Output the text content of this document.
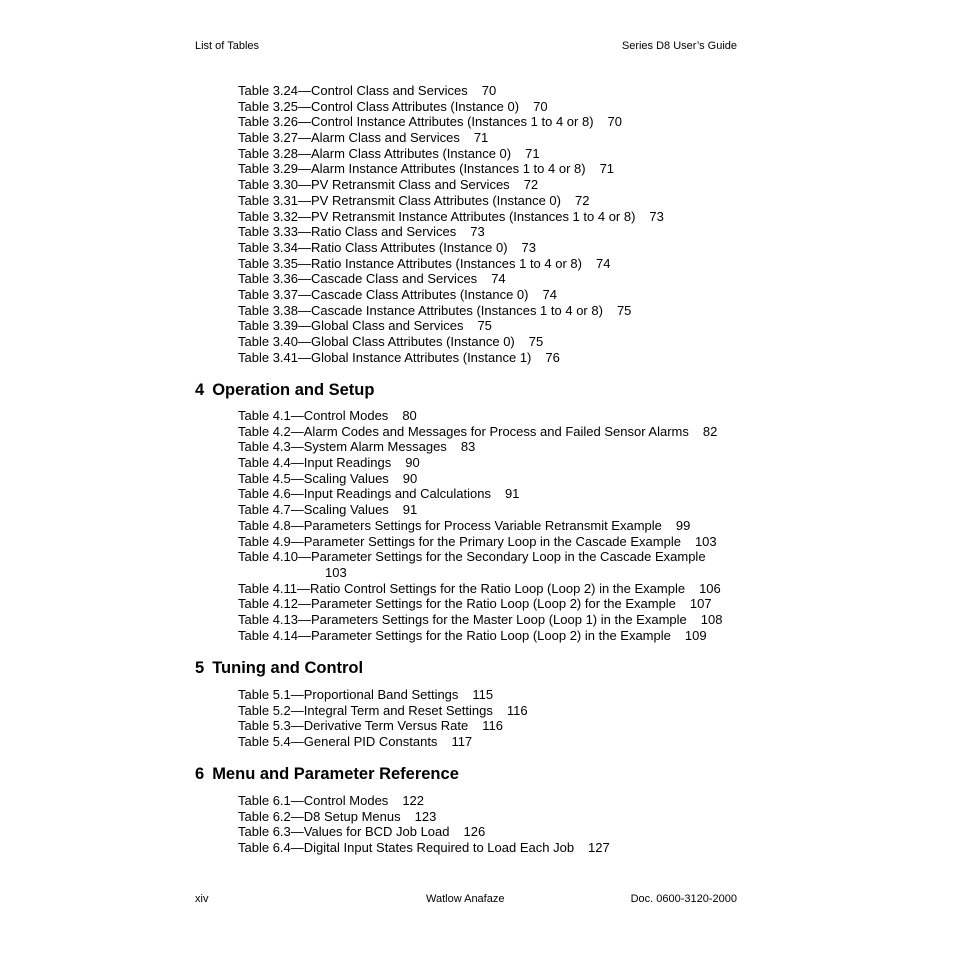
List of Tables	Series D8 User’s Guide
Table 3.24—Control Class and Services 70
Table 3.25—Control Class Attributes (Instance 0) 70
Table 3.26—Control Instance Attributes (Instances 1 to 4 or 8) 70
Table 3.27—Alarm Class and Services 71
Table 3.28—Alarm Class Attributes (Instance 0) 71
Table 3.29—Alarm Instance Attributes (Instances 1 to 4 or 8) 71
Table 3.30—PV Retransmit Class and Services 72
Table 3.31—PV Retransmit Class Attributes (Instance 0) 72
Table 3.32—PV Retransmit Instance Attributes (Instances 1 to 4 or 8) 73
Table 3.33—Ratio Class and Services 73
Table 3.34—Ratio Class Attributes (Instance 0) 73
Table 3.35—Ratio Instance Attributes (Instances 1 to 4 or 8) 74
Table 3.36—Cascade Class and Services 74
Table 3.37—Cascade Class Attributes (Instance 0) 74
Table 3.38—Cascade Instance Attributes (Instances 1 to 4 or 8) 75
Table 3.39—Global Class and Services 75
Table 3.40—Global Class Attributes (Instance 0) 75
Table 3.41—Global Instance Attributes (Instance 1) 76
4 Operation and Setup
Table 4.1—Control Modes 80
Table 4.2—Alarm Codes and Messages for Process and Failed Sensor Alarms 82
Table 4.3—System Alarm Messages 83
Table 4.4—Input Readings 90
Table 4.5—Scaling Values 90
Table 4.6—Input Readings and Calculations 91
Table 4.7—Scaling Values 91
Table 4.8—Parameters Settings for Process Variable Retransmit Example 99
Table 4.9—Parameter Settings for the Primary Loop in the Cascade Example 103
Table 4.10—Parameter Settings for the Secondary Loop in the Cascade Example
103
Table 4.11—Ratio Control Settings for the Ratio Loop (Loop 2) in the Example 106
Table 4.12—Parameter Settings for the Ratio Loop (Loop 2) for the Example 107
Table 4.13—Parameters Settings for the Master Loop (Loop 1) in the Example 108
Table 4.14—Parameter Settings for the Ratio Loop (Loop 2) in the Example 109
5 Tuning and Control
Table 5.1—Proportional Band Settings 115
Table 5.2—Integral Term and Reset Settings 116
Table 5.3—Derivative Term Versus Rate 116
Table 5.4—General PID Constants 117
6 Menu and Parameter Reference
Table 6.1—Control Modes 122
Table 6.2—D8 Setup Menus 123
Table 6.3—Values for BCD Job Load 126
Table 6.4—Digital Input States Required to Load Each Job 127
xiv	Watlow Anafaze	Doc. 0600-3120-2000
